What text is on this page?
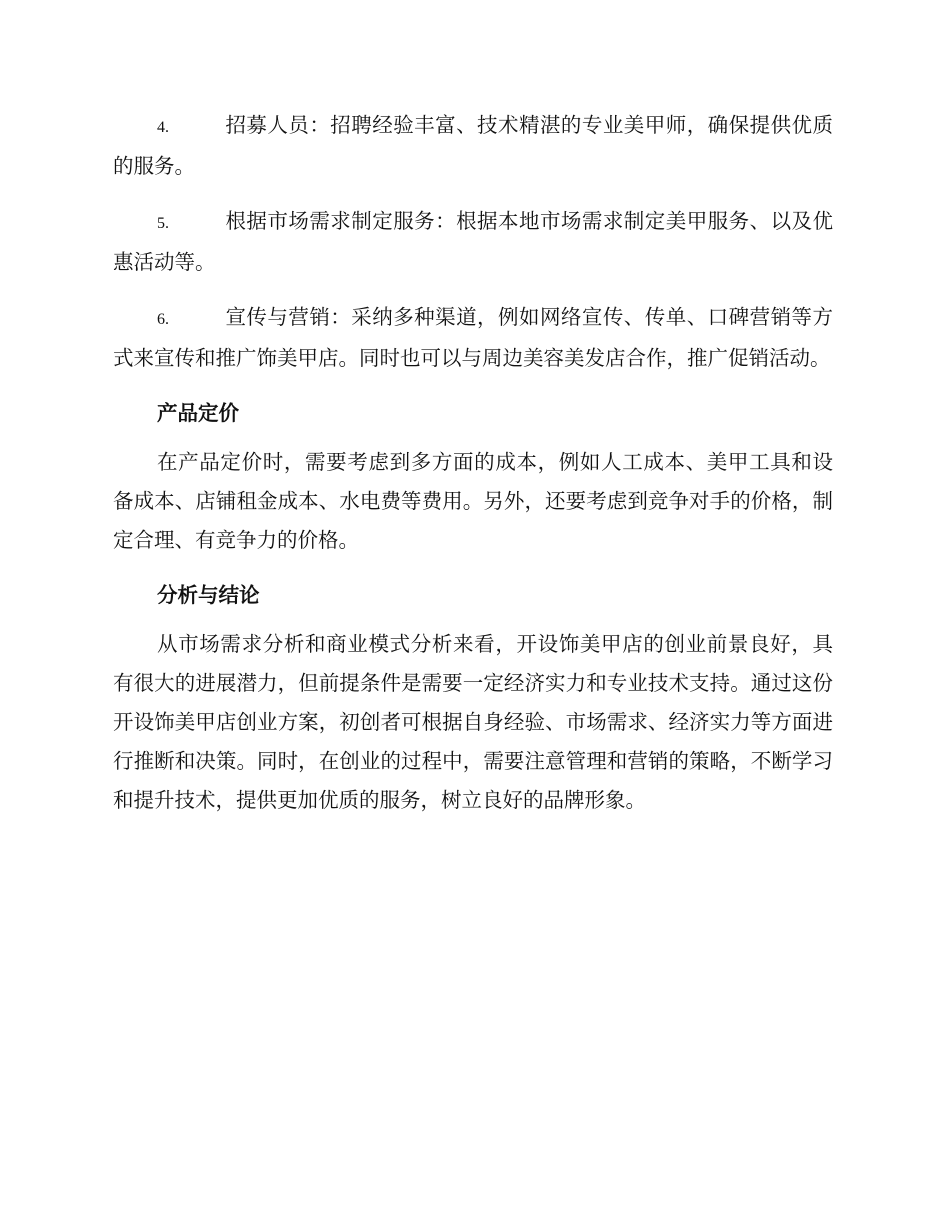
4.	招募人员：招聘经验丰富、技术精湛的专业美甲师，确保提供优质的服务。

5.	根据市场需求制定服务：根据本地市场需求制定美甲服务、以及优惠活动等。

6.	宣传与营销：采纳多种渠道，例如网络宣传、传单、口碑营销等方式来宣传和推广饰美甲店。同时也可以与周边美容美发店合作，推广促销活动。

产品定价

在产品定价时，需要考虑到多方面的成本，例如人工成本、美甲工具和设备成本、店铺租金成本、水电费等费用。另外，还要考虑到竞争对手的价格，制定合理、有竞争力的价格。

分析与结论

从市场需求分析和商业模式分析来看，开设饰美甲店的创业前景良好，具有很大的进展潜力，但前提条件是需要一定经济实力和专业技术支持。通过这份开设饰美甲店创业方案，初创者可根据自身经验、市场需求、经济实力等方面进行推断和决策。同时，在创业的过程中，需要注意管理和营销的策略，不断学习和提升技术，提供更加优质的服务，树立良好的品牌形象。
